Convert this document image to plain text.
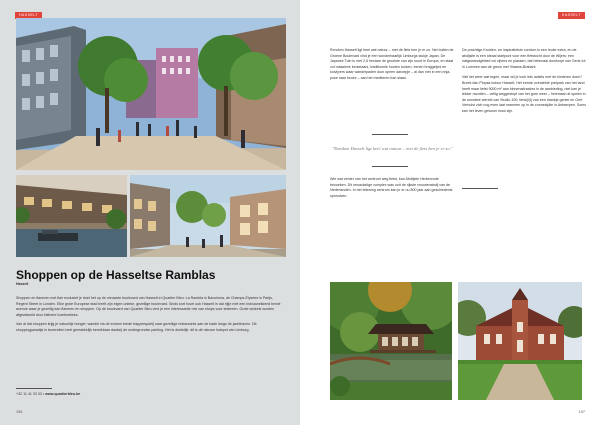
HASSELT
Shoppen op de Hasseltse Ramblas
Hasselt

Shoppen en flaneren met flair exclusief je doet het op de nieuwste boulevard van Hasselt in Quartier Bleu. La Rambla in Barcelona, de Champs-Élysées in Parijs, Regent Street in Londen. Elke grote Europese stad heeft zijn eigen unieke, gezellige boulevard. Sinds kort hoort ook Hasselt in dat rijtje met een indrukwekkend brede avenue waar je gezellig kan flaneren én shoppen. Op de boulevard van Quartier Bleu vind je een interessante mix van shops voor iedereen. Grote winkels worden afgewisseld door kleinere luxeboetieks.

Van al dat shoppen krijg je natuurlijk honger: wandel via de ervarm brede trapperspartij naar gezellige restaurants aan de kade langs de jachthaven. Dit shoppingparadijs is bovendien heel gemakkelijk bereikbaar dankzij de ondergrondse parking. Het is duidelijk: dit is dé nieuwe hotspot van Limburg.

+32 11 41 33 33 • www.quartierbleu.be
196
HASSELT

Rondom Hasselt ligt heel wat natuur – met de fiets ben je er zo. Net buiten de Groene Boulevard vind je een wonderbaarlijk Limburgs stukje Japan. De Japanse Tuin is met 2,5 hectare de grootste van zijn soort in Europa, en staat vol massieve kerselaars, traditionele houten huizen, eenen bruggetjes en koivijvers waar wandelpaden door opeen aaroepje – al dan niet in een rinja-pose naar keuze – aan het mediteren kan slaan.

"Rondom Hasselt ligt heel wat natuur – met de fiets ben je er zo."

Wie wat verder van het centrum weg fietst, kan Abdijsite Herkenrode bezoeken. Dit neuackelige complex was ooit de rijkste vrouwenabdij van de Nederlanden. In het telewing centrum kan je er nu 800 jaar aan geschiedenis opsnuiven.

De prachtige Kruiden- en inspiratietuin rondom is een leuke extra, en de abdijsite is een ideaal startpunt voor een fietstocht door de Wijers: een natgewandgebied vol vijvers en plassen, dat helemaal doorloopt van Genk tot in Lummen aan de grens met Vlaams-Brabant.

Valt het weer wat tegen, maar wil je toch iets actiefs met de kinderen doen? Breek dan Plopsa indoor Hasselt. Het eerste overdekte pretpark van het land heeft maar liefst 9000 m² aan binnenattracties in de aanbieding, niet kan je lekker ravotten – veilig weggestopt van het gure weer – helemaal uit spelen in de wondere wereld van Studio 100, terwijl jij van een drankje geniet en Gert Verhulst zich nog even laat maneren op in de zonnezijdte in Antwerpen. Soms kan het leven gewoon mooi zijn.

197
